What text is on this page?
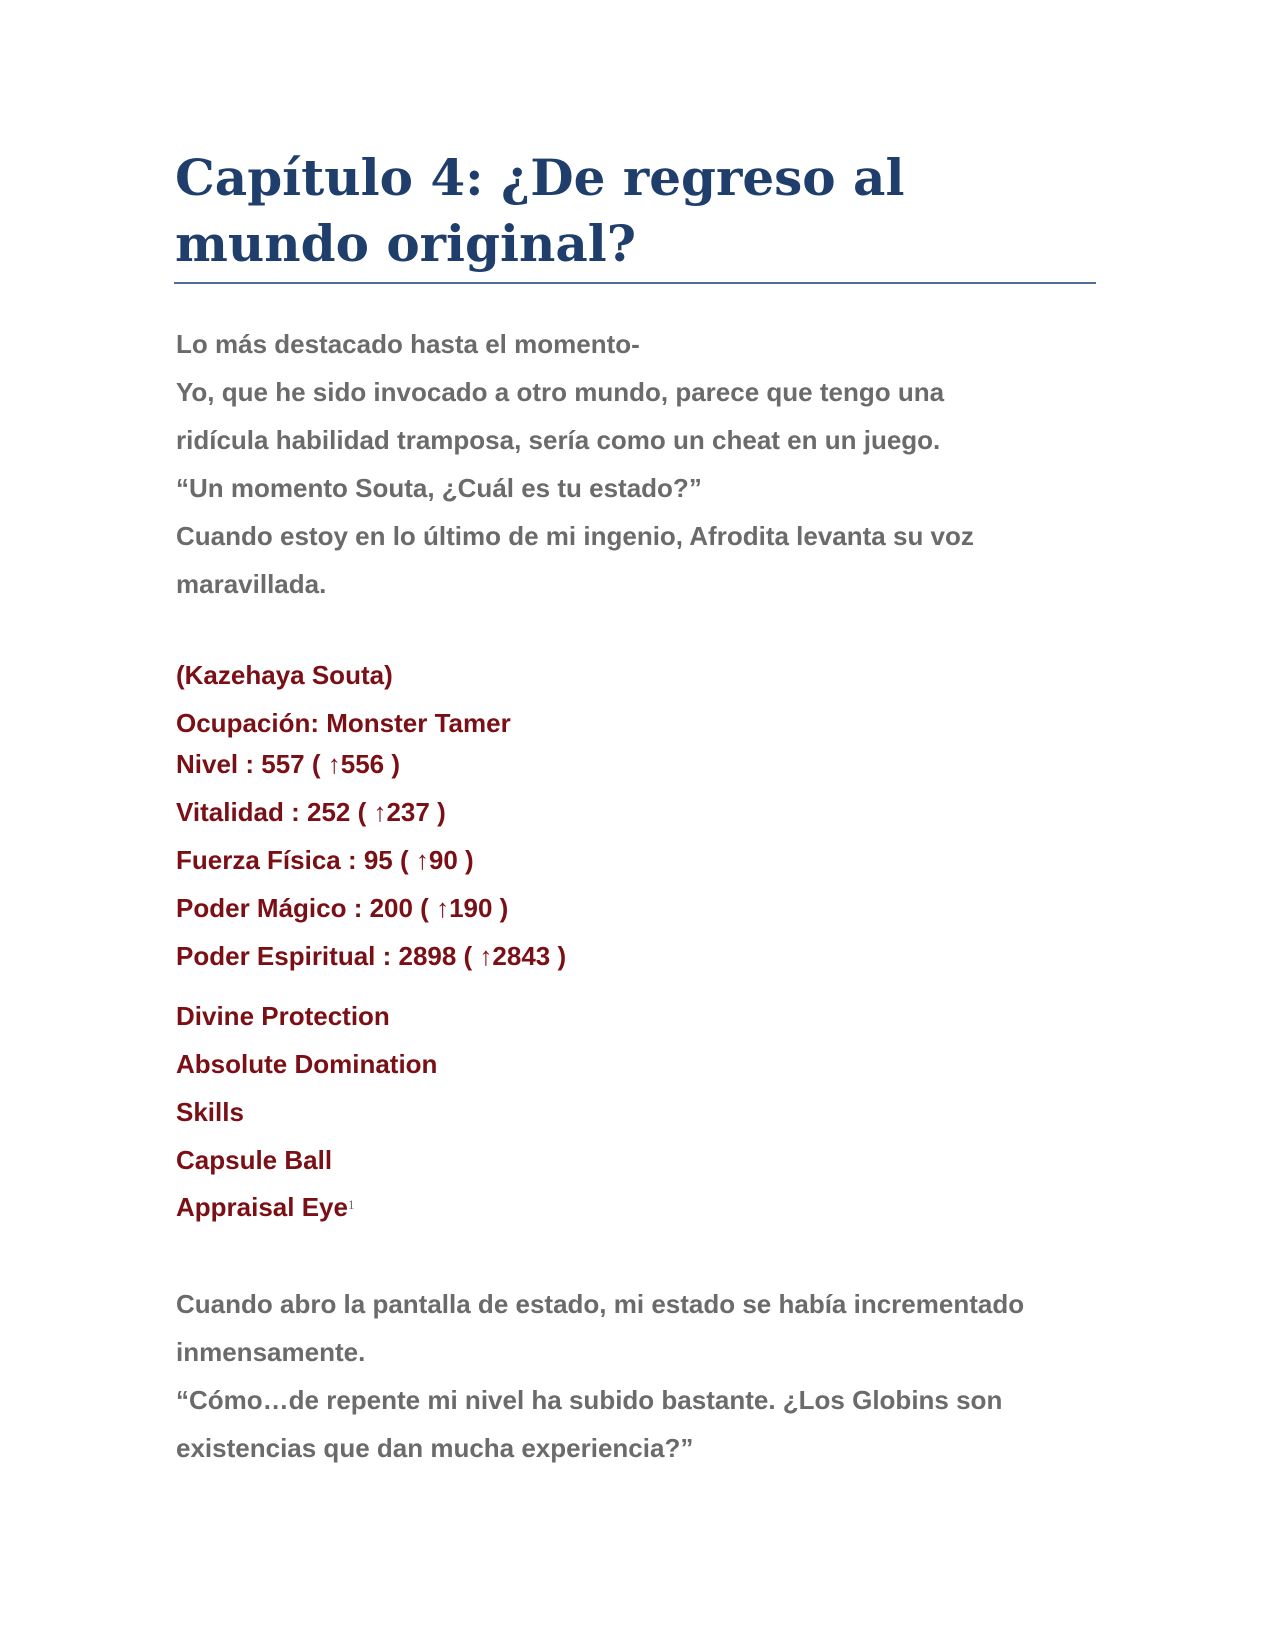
Capítulo 4: ¿De regreso al mundo original?

Lo más destacado hasta el momento-

Yo, que he sido invocado a otro mundo, parece que tengo una

ridícula habilidad tramposa, sería como un cheat en un juego.

“Un momento Souta, ¿Cuál es tu estado?”

Cuando estoy en lo último de mi ingenio, Afrodita levanta su voz

maravillada.

(Kazehaya Souta)

Ocupación: Monster Tamer

Nivel : 557 ( ↑556 )

Vitalidad : 252 ( ↑237 )

Fuerza Física : 95 ( ↑90 )

Poder Mágico : 200 ( ↑190 )

Poder Espiritual : 2898 ( ↑2843 )

Divine Protection

Absolute Domination

Skills

Capsule Ball

Appraisal Eye$^1$

Cuando abro la pantalla de estado, mi estado se había incrementado

inmensamente.

“Cómo…de repente mi nivel ha subido bastante. ¿Los Globins son

existencias que dan mucha experiencia?”
